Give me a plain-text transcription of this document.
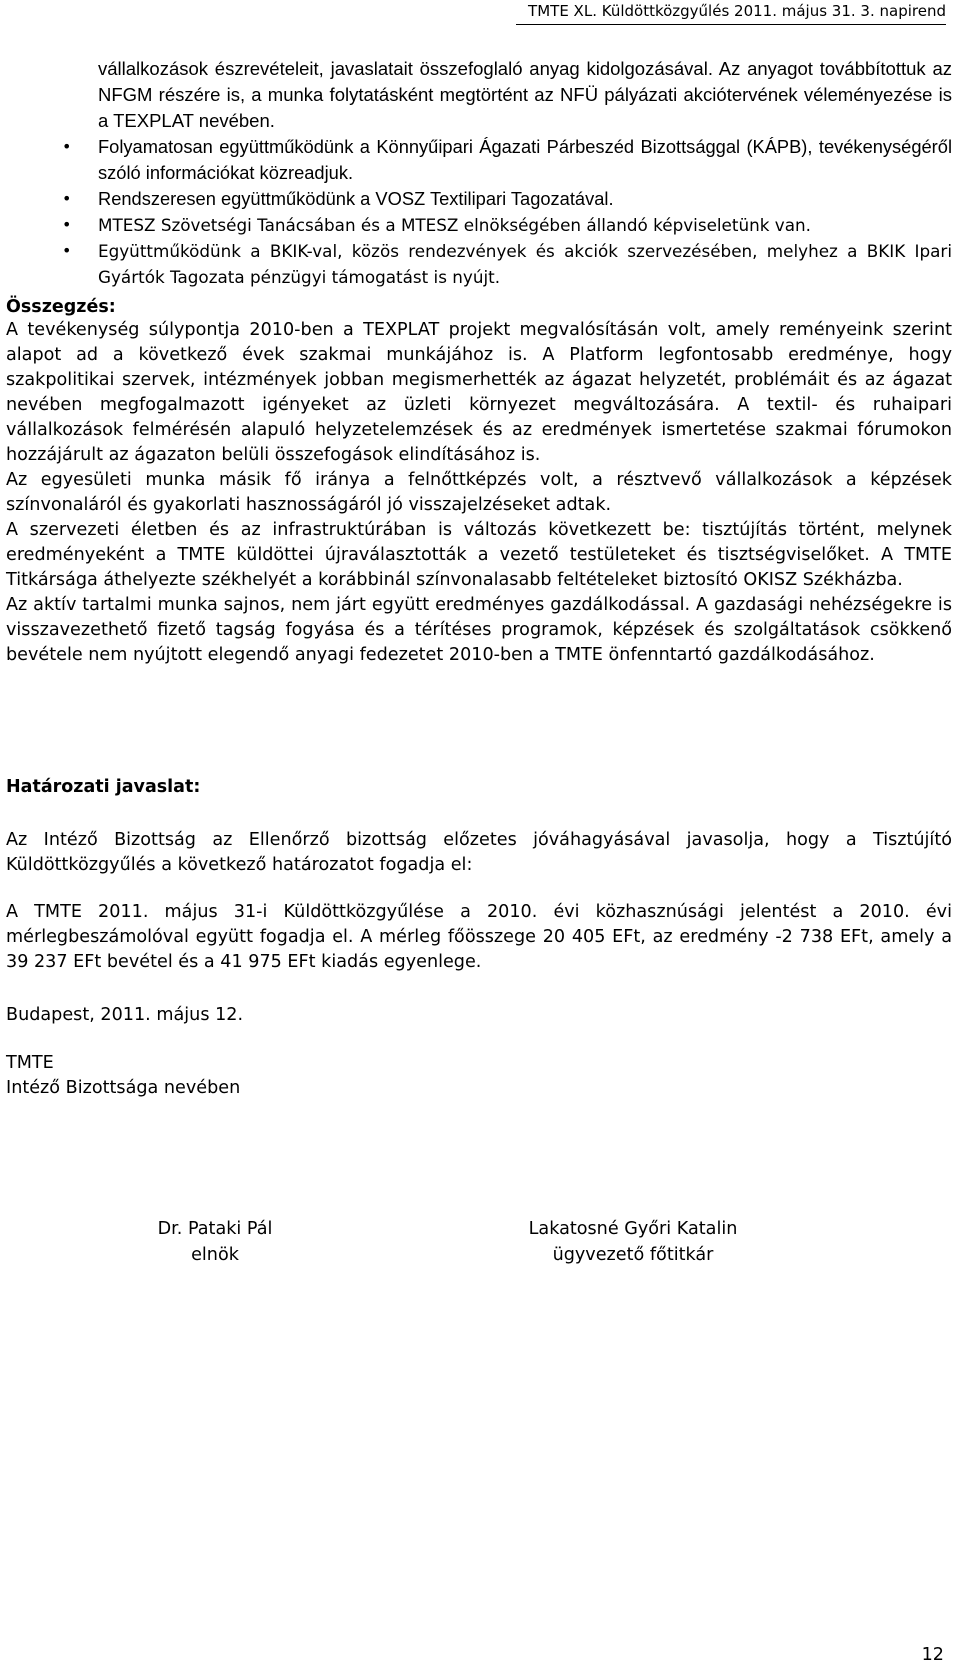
TMTE XL. Küldöttközgyűlés 2011. május 31. 3. napirend
vállalkozások észrevételeit, javaslatait összefoglaló anyag kidolgozásával. Az anyagot továbbítottuk az NFGM részére is, a munka folytatásként megtörtént az NFÜ pályázati akciótervének véleményezése is a TEXPLAT nevében.
• Folyamatosan együttműködünk a Könnyűipari Ágazati Párbeszéd Bizottsággal (KÁPB), tevékenységéről szóló információkat közreadjuk.
• Rendszeresen együttműködünk a VOSZ Textilipari Tagozatával.
• MTESZ Szövetségi Tanácsában és a MTESZ elnökségében állandó képviseletünk van.
• Együttműködünk a BKIK-val, közös rendezvények és akciók szervezésében, melyhez a BKIK Ipari Gyártók Tagozata pénzügyi támogatást is nyújt.
Összegzés:

A tevékenység súlypontja 2010-ben a TEXPLAT projekt megvalósításán volt, amely reményeink szerint alapot ad a következő évek szakmai munkájához is. A Platform legfontosabb eredménye, hogy szakpolitikai szervek, intézmények jobban megismerhették az ágazat helyzetét, problémáit és az ágazat nevében megfogalmazott igényeket az üzleti környezet megváltozására. A textil- és ruhaipari vállalkozások felmérésén alapuló helyzetelemzések és az eredmények ismertetése szakmai fórumokon hozzájárult az ágazaton belüli összefogások elindításához is.

Az egyesületi munka másik fő iránya a felnőttképzés volt, a résztvevő vállalkozások a képzések színvonaláról és gyakorlati hasznosságáról jó visszajelzéseket adtak.

A szervezeti életben és az infrastruktúrában is változás következett be: tisztújítás történt, melynek eredményeként a TMTE küldöttei újraválasztották a vezető testületeket és tisztségviselőket. A TMTE Titkársága áthelyezte székhelyét a korábbinál színvonalasabb feltételeket biztosító OKISZ Székházba.

Az aktív tartalmi munka sajnos, nem járt együtt eredményes gazdálkodással. A gazdasági nehézségekre is visszavezethető fizető tagság fogyása és a térítéses programok, képzések és szolgáltatások csökkenő bevétele nem nyújtott elegendő anyagi fedezetet 2010-ben a TMTE önfenntartó gazdálkodásához.

Határozati javaslat:
Az Intéző Bizottság az Ellenőrző bizottság előzetes jóváhagyásával javasolja, hogy a Tisztújító Küldöttközgyűlés a következő határozatot fogadja el:
A TMTE 2011. május 31-i Küldöttközgyűlése a 2010. évi közhasznúsági jelentést a 2010. évi mérlegbeszámolóval együtt fogadja el. A mérleg főösszege 20 405 EFt, az eredmény -2 738 EFt, amely a 39 237 EFt bevétel és a 41 975 EFt kiadás egyenlege.
Budapest, 2011. május 12.
TMTE
Intéző Bizottsága nevében
Dr. Pataki Pál
elnök
Lakatosné Győri Katalin
ügyvezető főtitkár
12
